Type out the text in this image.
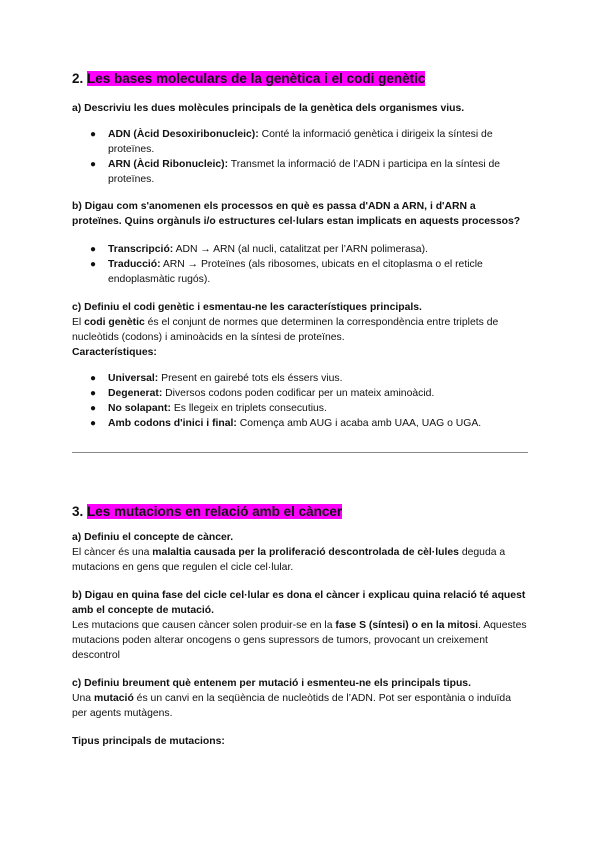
2. Les bases moleculars de la genètica i el codi genètic

a) Descriviu les dues molècules principals de la genètica dels organismes vius.

● ADN (Àcid Desoxiribonucleic): Conté la informació genètica i dirigeix la síntesi de proteïnes.
● ARN (Àcid Ribonucleic): Transmet la informació de l’ADN i participa en la síntesi de proteïnes.

b) Digau com s'anomenen els processos en què es passa d'ADN a ARN, i d'ARN a proteïnes. Quins orgànuls i/o estructures cel·lulars estan implicats en aquests processos?

● Transcripció: ADN → ARN (al nucli, catalitzat per l’ARN polimerasa).
● Traducció: ARN → Proteïnes (als ribosomes, ubicats en el citoplasma o el reticle endoplasmàtic rugós).

c) Definiu el codi genètic i esmentau-ne les característiques principals.

El codi genètic és el conjunt de normes que determinen la correspondència entre triplets de nucleòtids (codons) i aminoàcids en la síntesi de proteïnes.

Característiques:

● Universal: Present en gairebé tots els éssers vius.
● Degenerat: Diversos codons poden codificar per un mateix aminoàcid.
● No solapant: Es llegeix en triplets consecutius.
● Amb codons d'inici i final: Comença amb AUG i acaba amb UAA, UAG o UGA.

3. Les mutacions en relació amb el càncer

a) Definiu el concepte de càncer.

El càncer és una malaltia causada per la proliferació descontrolada de cèl·lules deguda a mutacions en gens que regulen el cicle cel·lular.

b) Digau en quina fase del cicle cel·lular es dona el càncer i explicau quina relació té aquest amb el concepte de mutació.

Les mutacions que causen càncer solen produir-se en la fase S (síntesi) o en la mitosi. Aquestes mutacions poden alterar oncogens o gens supressors de tumors, provocant un creixement descontrol

c) Definiu breument què entenem per mutació i esmenteu-ne els principals tipus.

Una mutació és un canvi en la seqüència de nucleòtids de l’ADN. Pot ser espontània o induïda per agents mutàgens.

Tipus principals de mutacions:
